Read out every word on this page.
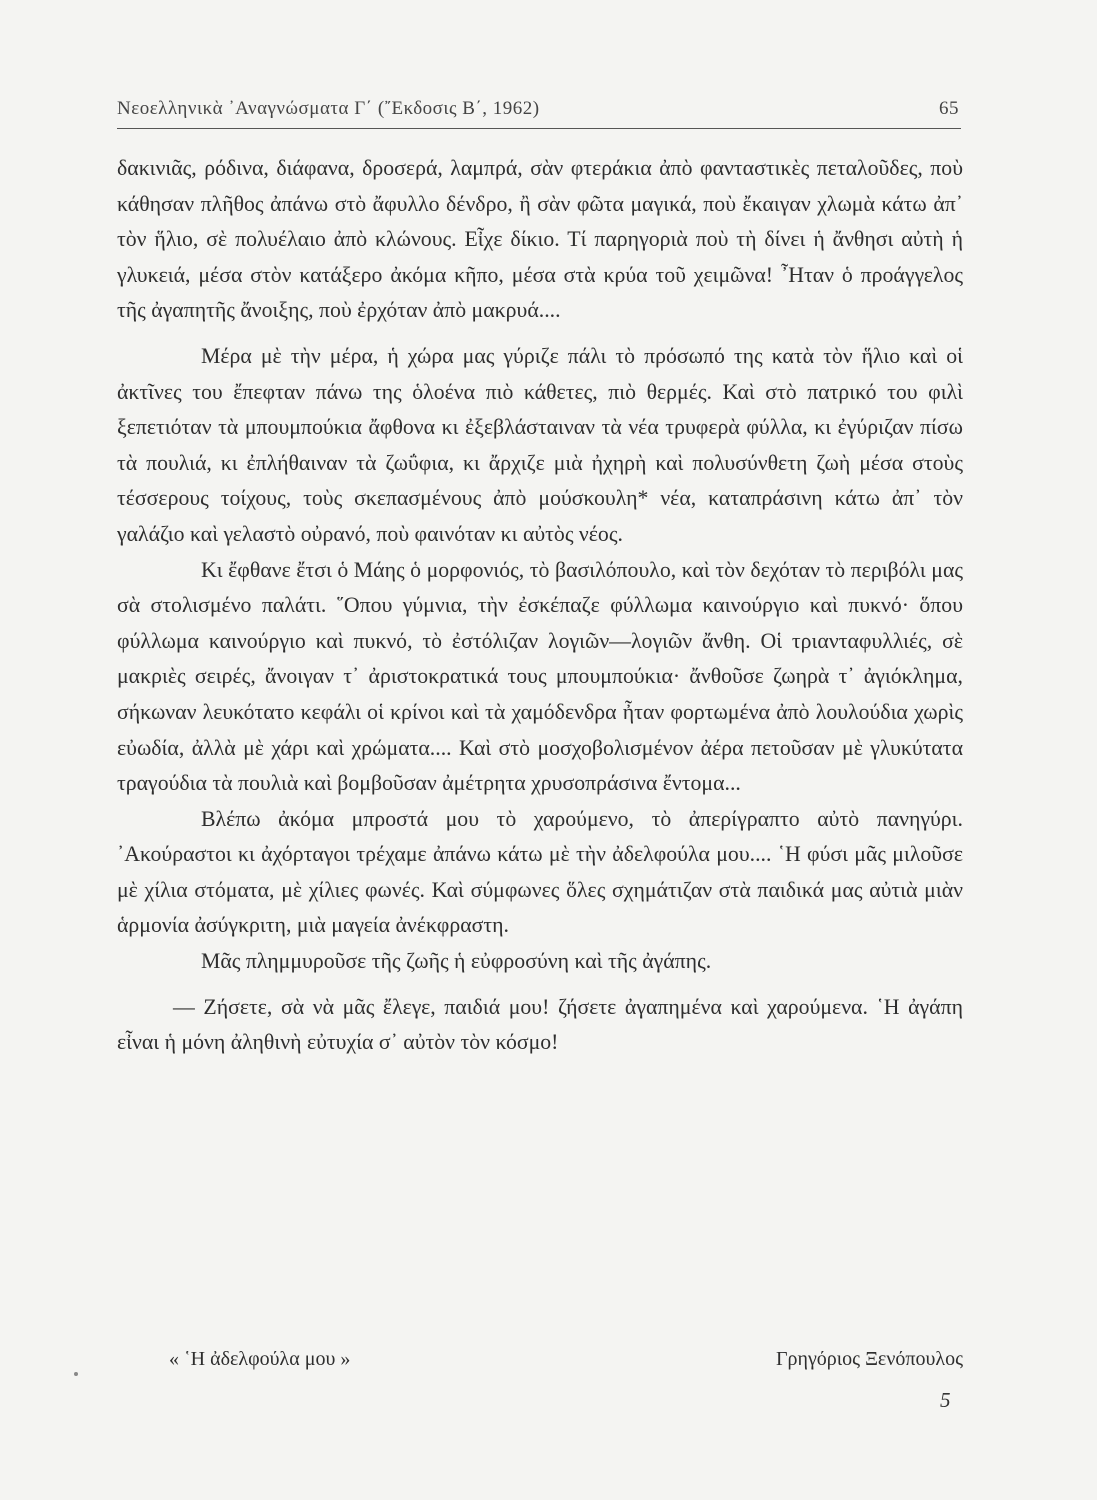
Νεοελληνικὰ ᾿Αναγνώσματα Γ΄ (῎Εκδοσις Β΄, 1962)	65

δακινιᾶς, ρόδινα, διάφανα, δροσερά, λαμπρά, σὰν φτεράκια ἀπὸ φανταστικὲς πεταλοῦδες, ποὺ κάθησαν πλῆθος ἀπάνω στὸ ἄφυλλο δένδρο, ἢ σὰν φῶτα μαγικά, ποὺ ἔκαιγαν χλωμὰ κάτω ἀπ᾿ τὸν ἥλιο, σὲ πολυέλαιο ἀπὸ κλώνους. Εἶχε δίκιο. Τί παρηγοριὰ ποὺ τὴ δίνει ἡ ἄνθησι αὐτὴ ἡ γλυκειά, μέσα στὸν κατάξερο ἀκόμα κῆπο, μέσα στὰ κρύα τοῦ χειμῶνα! ῏Ηταν ὁ προάγγελος τῆς ἀγαπητῆς ἄνοιξης, ποὺ ἐρχόταν ἀπὸ μακρυά....

Μέρα μὲ τὴν μέρα, ἡ χώρα μας γύριζε πάλι τὸ πρόσωπό της κατὰ τὸν ἥλιο καὶ οἱ ἀκτῖνες του ἔπεφταν πάνω της ὁλοένα πιὸ κάθετες, πιὸ θερμές. Καὶ στὸ πατρικό του φιλὶ ξεπετιόταν τὰ μπουμπούκια ἄφθονα κι ἐξεβλάσταιναν τὰ νέα τρυφερὰ φύλλα, κι ἐγύριζαν πίσω τὰ πουλιά, κι ἐπλήθαιναν τὰ ζωΰφια, κι ἄρχιζε μιὰ ἠχηρὴ καὶ πολυσύνθετη ζωὴ μέσα στοὺς τέσσερους τοίχους, τοὺς σκεπασμένους ἀπὸ μούσκουλη* νέα, καταπράσινη κάτω ἀπ᾿ τὸν γαλάζιο καὶ γελαστὸ οὐρανό, ποὺ φαινόταν κι αὐτὸς νέος.

Κι ἔφθανε ἔτσι ὁ Μάης ὁ μορφονιός, τὸ βασιλόπουλο, καὶ τὸν δεχόταν τὸ περιβόλι μας σὰ στολισμένο παλάτι. ῞Οπου γύμνια, τὴν ἐσκέπαζε φύλλωμα καινούργιο καὶ πυκνό· ὅπου φύλλωμα καινούργιο καὶ πυκνό, τὸ ἐστόλιζαν λογιῶν—λογιῶν ἄνθη. Οἱ τριανταφυλλιές, σὲ μακριὲς σειρές, ἄνοιγαν τ᾿ ἀριστοκρατικά τους μπουμπούκια· ἄνθοῦσε ζωηρὰ τ᾿ ἀγιόκλημα, σήκωναν λευκότατο κεφάλι οἱ κρίνοι καὶ τὰ χαμόδενδρα ἦταν φορτωμένα ἀπὸ λουλούδια χωρὶς εὐωδία, ἀλλὰ μὲ χάρι καὶ χρώματα.... Καὶ στὸ μοσχοβολισμένον ἀέρα πετοῦσαν μὲ γλυκύτατα τραγούδια τὰ πουλιὰ καὶ βομβοῦσαν ἀμέτρητα χρυσοπράσινα ἔντομα...

Βλέπω ἀκόμα μπροστά μου τὸ χαρούμενο, τὸ ἀπερίγραπτο αὐτὸ πανηγύρι. ᾿Ακούραστοι κι ἀχόρταγοι τρέχαμε ἀπάνω κάτω μὲ τὴν ἀδελφούλα μου.... ῾Η φύσι μᾶς μιλοῦσε μὲ χίλια στόματα, μὲ χίλιες φωνές. Καὶ σύμφωνες ὅλες σχημάτιζαν στὰ παιδικά μας αὐτιὰ μιὰν ἁρμονία ἀσύγκριτη, μιὰ μαγεία ἀνέκφραστη.

Μᾶς πλημμυροῦσε τῆς ζωῆς ἡ εὐφροσύνη καὶ τῆς ἀγάπης.

— Ζήσετε, σὰ νὰ μᾶς ἔλεγε, παιδιά μου! ζήσετε ἀγαπημένα καὶ χαρούμενα. ῾Η ἀγάπη εἶναι ἡ μόνη ἀληθινὴ εὐτυχία σ᾿ αὐτὸν τὸν κόσμο!

« ῾Η ἀδελφούλα μου »	Γρηγόριος Ξενόπουλος
5
